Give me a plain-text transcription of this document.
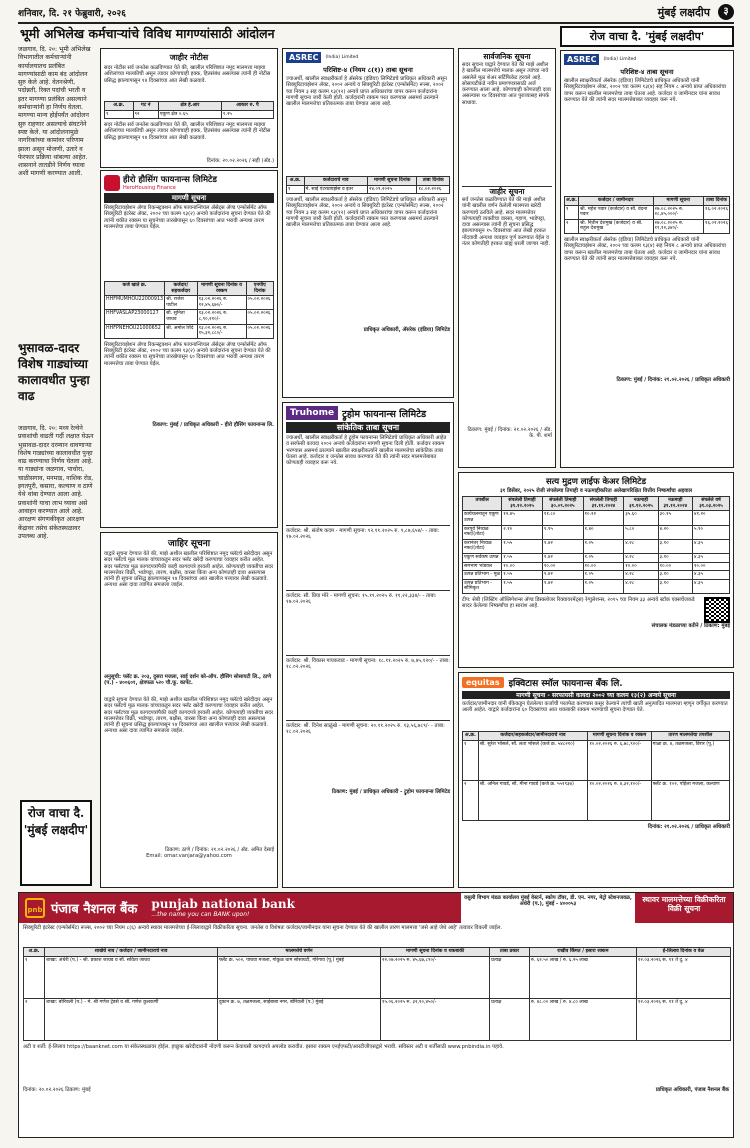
शनिवार, दि. २१ फेब्रुवारी, २०२६	मुंबई लक्षदीप	३
भूमी अभिलेख कर्मचाऱ्यांचे विविध मागण्यांसाठी आंदोलन	रोज वाचा दै. 'मुंबई लक्षदीप'
जळगाव, दि. २०: भूमी अभिलेख विभागातील कर्मचाऱ्यांनी कार्यालयातच प्रलंबित मागण्यांसाठी काम बंद आंदोलन सुरु केले आहे. वेतनश्रेणी, पदोन्नती, रिक्त पदांची भरती व इतर मागण्या प्रलंबित असल्याने कर्मचाऱ्यांनी हा निर्णय घेतला. मागण्या मान्य होईपर्यंत आंदोलन सुरु राहणार असल्याचे संघटनेने स्पष्ट केले. या आंदोलनामुळे नागरिकांच्या कामांवर परिणाम झाला असून मोजणी, उतारे व फेरफार प्रक्रिया थांबल्या आहेत. शासनाने तातडीने निर्णय घ्यावा अशी मागणी करण्यात आली.
भुसावळ-दादर विशेष गाड्यांच्या कालावधीत पुन्हा वाढ
जळगाव, दि. २०: मध्य रेल्वेने प्रवाशांची वाढती गर्दी लक्षात घेऊन भुसावळ-दादर दरम्यान धावणाऱ्या विशेष गाड्यांच्या कालावधीत पुन्हा वाढ करण्याचा निर्णय घेतला आहे. या गाड्यांना जळगाव, पाचोरा, चाळीसगाव, मनमाड, नाशिक रोड, इगतपुरी, कसारा, कल्याण व ठाणे येथे थांबा देण्यात आला आहे. प्रवाशांनी याचा लाभ घ्यावा असे आवाहन करण्यात आले आहे. आरक्षण संगणकीकृत आरक्षण केंद्रावर तसेच संकेतस्थळावर उपलब्ध आहे.
रोज वाचा दै. 'मुंबई लक्षदीप'
जाहीर नोटीस
सदर नोटीस सर्व जनतेस कळविण्यात येते की, खालील परिशिष्टात नमूद मालमत्ता माझ्या अशिलांच्या मालकीची असून त्यावर कोणाचाही हक्क, हितसंबंध असल्यास त्यांनी ही नोटीस प्रसिद्ध झाल्यापासून १४ दिवसांच्या आत लेखी कळवावे.
अ.क्र.	गट नं	क्षेत्र हे.आर	आकार रु. पै
१	९२	एकूण क्षेत्र ०.६५	१.२५
सदर नोटीस सर्व जनतेस कळविण्यात येते की, खालील परिशिष्टात नमूद मालमत्ता माझ्या अशिलांच्या मालकीची असून त्यावर कोणाचाही हक्क, हितसंबंध असल्यास त्यांनी ही नोटीस प्रसिद्ध झाल्यापासून १४ दिवसांच्या आत लेखी कळवावे.
दिनांक: २०.०२.२०२६ / सही (ॲड.)
हीरो हौसिंग फायनान्स लिमिटेड
HeroHousing Finance
मागणी सूचना
सिक्युरिटायझेशन ॲण्ड रिकन्स्ट्रक्शन ऑफ फायनान्शियल ॲसेट्स ॲण्ड एन्फोर्समेंट ऑफ सिक्युरिटी इंटरेस्ट ॲक्ट, २००२ च्या कलम १३(२) अन्वये कर्जदारांना सूचना देण्यात येते की त्यांनी थकीत रक्कम या सूचनेच्या तारखेपासून ६० दिवसांच्या आत भरावी अन्यथा तारण मालमत्तेचा ताबा घेण्यात येईल.
कर्ज खाते क्र.	कर्जदार/सहकर्जदार	मागणी सूचना दिनांक व रक्कम	एनपीए दिनांक
HHFMUMHOU22000913	श्री. राजेश पाटील	१३.०२.२०२६ रु. १२,४५,६७०/-	०५.०२.२०२६
HHFVASLAP23000127	सौ. सुनिता जाधव	१३.०२.२०२६ रु. ८,९०,२१०/-	०५.०२.२०२६
HHFPNEHOU21000652	श्री. अमोल शिंदे	१३.०२.२०२६ रु. १५,३२,८८०/-	०५.०२.२०२६
सिक्युरिटायझेशन ॲण्ड रिकन्स्ट्रक्शन ऑफ फायनान्शियल ॲसेट्स ॲण्ड एन्फोर्समेंट ऑफ सिक्युरिटी इंटरेस्ट ॲक्ट, २००२ च्या कलम १३(२) अन्वये कर्जदारांना सूचना देण्यात येते की त्यांनी थकीत रक्कम या सूचनेच्या तारखेपासून ६० दिवसांच्या आत भरावी अन्यथा तारण मालमत्तेचा ताबा घेण्यात येईल.
ठिकाण: मुंबई / प्राधिकृत अधिकारी - हीरो हौसिंग फायनान्स लि.
जाहिर सूचना
याद्वारे सूचना देण्यात येते की, माझे अशील खालील परिशिष्टात नमूद फ्लॅटचे खरेदीदार असून सदर फ्लॅटचे मूळ मालक यांच्याकडून सदर फ्लॅट खरेदी करण्याचा व्यवहार करीत आहेत. सदर फ्लॅटच्या मूळ कागदपत्रांपैकी काही कागदपत्रे हरवली आहेत. कोणत्याही व्यक्तीचा सदर मालमत्तेवर विक्री, भाडेपट्टा, तारण, बक्षीस, वारसा किंवा अन्य कोणताही दावा असल्यास त्यांनी ही सूचना प्रसिद्ध झाल्यापासून १४ दिवसांच्या आत खालील पत्त्यावर लेखी कळवावे. अन्यथा असा दावा त्यागित समजला जाईल.
अनुसूची: फ्लॅट क्र. २०३, दुसरा मजला, साई दर्शन को-ऑप. हौसिंग सोसायटी लि., ठाणे (प.) - ४००६०१, क्षेत्रफळ ५२० चौ.फू. कार्पेट.
याद्वारे सूचना देण्यात येते की, माझे अशील खालील परिशिष्टात नमूद फ्लॅटचे खरेदीदार असून सदर फ्लॅटचे मूळ मालक यांच्याकडून सदर फ्लॅट खरेदी करण्याचा व्यवहार करीत आहेत. सदर फ्लॅटच्या मूळ कागदपत्रांपैकी काही कागदपत्रे हरवली आहेत. कोणत्याही व्यक्तीचा सदर मालमत्तेवर विक्री, भाडेपट्टा, तारण, बक्षीस, वारसा किंवा अन्य कोणताही दावा असल्यास त्यांनी ही सूचना प्रसिद्ध झाल्यापासून १४ दिवसांच्या आत खालील पत्त्यावर लेखी कळवावे. अन्यथा असा दावा त्यागित समजला जाईल.
ठिकाण: ठाणे / दिनांक: २१.०२.२०२६ / ॲड. अमित देसाई
Email: omar.vanjara@yahoo.com
ASREC	(India) Limited
परिशिष्ट-४ (नियम ८(१)) ताबा सूचना
ज्याअर्थी, खालील स्वाक्षरीकर्ता हे ॲसरेक (इंडिया) लिमिटेडचे प्राधिकृत अधिकारी असून सिक्युरिटायझेशन ॲक्ट, २००२ अन्वये व सिक्युरिटी इंटरेस्ट (एन्फोर्समेंट) रूल्स, २००२ च्या नियम ३ सह कलम १३(१२) अन्वये प्राप्त अधिकारांचा वापर करून कर्जदारांना मागणी सूचना जारी केली होती. कर्जदारांनी रक्कम परत करण्यास असमर्थ ठरल्याने खालील मालमत्तेचा प्रतिकात्मक ताबा घेण्यात आला आहे.
अ.क्र.	कर्जदाराचे नाव	मागणी सूचना दिनांक	ताबा दिनांक
१	मे. साई एंटरप्रायझेस व इतर	२४.०९.२०२५	१८.०२.२०२६
ज्याअर्थी, खालील स्वाक्षरीकर्ता हे ॲसरेक (इंडिया) लिमिटेडचे प्राधिकृत अधिकारी असून सिक्युरिटायझेशन ॲक्ट, २००२ अन्वये व सिक्युरिटी इंटरेस्ट (एन्फोर्समेंट) रूल्स, २००२ च्या नियम ३ सह कलम १३(१२) अन्वये प्राप्त अधिकारांचा वापर करून कर्जदारांना मागणी सूचना जारी केली होती. कर्जदारांनी रक्कम परत करण्यास असमर्थ ठरल्याने खालील मालमत्तेचा प्रतिकात्मक ताबा घेण्यात आला आहे.
प्राधिकृत अधिकारी, ॲसरेक (इंडिया) लिमिटेड
Truhome ट्रुहोम फायनान्स लिमिटेड
सांकेतिक ताबा सूचना
ज्याअर्थी, खालील स्वाक्षरीकर्ता हे ट्रुहोम फायनान्स लिमिटेडचे प्राधिकृत अधिकारी आहेत व सरफेसी कायदा २००२ अन्वये कर्जदारांना मागणी सूचना दिली होती. कर्जदार रक्कम भरण्यास असमर्थ ठरल्याने खालील स्वाक्षरीकर्त्याने खालील मालमत्तेचा सांकेतिक ताबा घेतला आहे. कर्जदार व जनतेस सावध करण्यात येते की त्यांनी सदर मालमत्तेबाबत कोणताही व्यवहार करू नये.
कर्जदार: श्री. संतोष कदम - मागणी सूचना: १२.११.२०२५ रु. ९,८७,६५४/- - ताबा: १७.०२.२०२६
कर्जदार: सौ. प्रिया मोरे - मागणी सूचना: १५.११.२०२५ रु. ११,२२,३३४/- - ताबा: १७.०२.२०२६
कर्जदार: श्री. विकास गायकवाड - मागणी सूचना: १८.११.२०२५ रु. ७,४५,१२०/- - ताबा: १८.०२.२०२६
कर्जदार: श्री. दिनेश साळुंखे - मागणी सूचना: २०.११.२०२५ रु. १३,५६,७८९/- - ताबा: १८.०२.२०२६
ठिकाण: मुंबई / प्राधिकृत अधिकारी - ट्रुहोम फायनान्स लिमिटेड
सार्वजनिक सूचना
सदर सूचना याद्वारे देण्यात येते की माझे अशील हे खालील मालमत्तेचे मालक असून त्यांच्या नावे असलेले मूळ शेअर सर्टिफिकेट हरवले आहे. सोसायटीकडे नवीन प्रमाणपत्रासाठी अर्ज करण्यात आला आहे. कोणाचाही कोणताही दावा असल्यास १४ दिवसांच्या आत पुराव्यासह संपर्क साधावा.
जाहीर सूचना
सर्व जनतेस कळविण्यात येते की माझे अशील यांनी खालील वर्णन केलेली मालमत्ता खरेदी करण्याचे ठरविले आहे. सदर मालमत्तेवर कोणत्याही व्यक्तीचा वारसा, गहाण, भाडेपट्टा, दावा असल्यास त्यांनी ही सूचना प्रसिद्ध झाल्यापासून १५ दिवसांच्या आत लेखी हरकत नोंदवावी अन्यथा व्यवहार पूर्ण करण्यात येईल व नंतर कोणतीही हरकत ग्राह्य धरली जाणार नाही.
ठिकाण: मुंबई / दिनांक: २१.०२.२०२६ / ॲड. के. पी. शर्मा
ASREC	(India) Limited
परिशिष्ट-४ ताबा सूचना
खालील स्वाक्षरीकर्ता ॲसरेक (इंडिया) लिमिटेडचे प्राधिकृत अधिकारी यांनी सिक्युरिटायझेशन ॲक्ट, २००२ च्या कलम १३(४) सह नियम ८ अन्वये प्राप्त अधिकारांचा वापर करून खालील मालमत्तेचा ताबा घेतला आहे. कर्जदार व जामीनदार यांना सावध करण्यात येते की त्यांनी सदर मालमत्तेबाबत व्यवहार करू नये.
अ.क्र.	कर्जदार / जामीनदार	मागणी सूचना	ताबा दिनांक
१	श्री. महेश पवार (कर्जदार) व सौ. वंदना पवार	२७.०८.२०२५ रु. २८,४५,०००/-	१६.०२.२०२६
२	श्री. नितीन देशमुख (कर्जदार) व श्री. राहुल देशमुख	२७.०८.२०२५ रु. १९,१२,३४०/-	१६.०२.२०२६
खालील स्वाक्षरीकर्ता ॲसरेक (इंडिया) लिमिटेडचे प्राधिकृत अधिकारी यांनी सिक्युरिटायझेशन ॲक्ट, २००२ च्या कलम १३(४) सह नियम ८ अन्वये प्राप्त अधिकारांचा वापर करून खालील मालमत्तेचा ताबा घेतला आहे. कर्जदार व जामीनदार यांना सावध करण्यात येते की त्यांनी सदर मालमत्तेबाबत व्यवहार करू नये.
ठिकाण: मुंबई / दिनांक: २१.०२.२०२६ / प्राधिकृत अधिकारी
सत्य मुद्रण लाईफ केअर लिमिटेड
३१ डिसेंबर, २०२५ रोजी संपलेल्या तिमाही व नऊमाहीकरिता अलेखापरिक्षित वित्तीय निष्कर्षांचा अहवाल
तपशील	संपलेली तिमाही ३१.१२.२०२५	संपलेली तिमाही ३०.०९.२०२५	संपलेली तिमाही ३१.१२.२०२४	नऊमाही ३१.१२.२०२५	नऊमाही ३१.१२.२०२४	संपलेले वर्ष ३१.०३.२०२५
कार्यचलनातून एकूण उत्पन्न	१२.४५	११.८०	१०.२२	३५.६०	३०.१५	४१.२०
करपूर्व निव्वळ नफा/(तोटा)	२.१०	१.९५	१.४०	५.८०	४.२०	५.९०
करानंतर निव्वळ नफा/(तोटा)	१.५५	१.४२	१.०५	४.२८	३.१०	४.३५
एकूण सर्वंकष उत्पन्न	१.५५	१.४२	१.०५	४.२८	३.१०	४.३५
समभाग भांडवल	१०.००	१०.००	१०.००	१०.००	१०.००	१०.००
उत्पन्न प्रतिभाग - मूळ	१.५५	१.४२	१.०५	४.२८	३.१०	४.३५
उत्पन्न प्रतिभाग - सौमिकृत	१.५५	१.४२	१.०५	४.२८	३.१०	४.३५
टीप: सेबी (लिस्टिंग ऑब्लिगेशन्स ॲण्ड डिस्क्लोजर रिक्वायरमेंट्स) रेग्युलेशन्स, २०१५ च्या नियम ३३ अन्वये स्टॉक एक्सचेंजकडे सादर केलेल्या निष्कर्षांचा हा सारांश आहे.
संचालक मंडळाच्या वतीने / ठिकाण: मुंबई
equitas	इक्विटास स्मॉल फायनान्स बँक लि.
मागणी सूचना - सरफायसी कायदा २००२ च्या कलम १३(२) अन्वये सूचना
कर्जदार/जामीनदार यांनी बँकेकडून घेतलेल्या कर्जाची परतफेड करण्यास कसूर केल्याने त्यांची खाती अनुत्पादित मालमत्ता म्हणून वर्गीकृत करण्यात आली आहेत. याद्वारे कर्जदारांना ६० दिवसांच्या आत थकबाकी रक्कम भरण्याची सूचना देण्यात येते.
अ.क्र.	कर्जदार/सहकर्जदार/जामीनदाराचे नाव	मागणी सूचना दिनांक व रक्कम	तारण मालमत्तेचा तपशील
१	श्री. सुरेश भोसले, सौ. लता भोसले (कर्ज क्र. ५४८२१०)	१०.०२.२०२६ रु. ६,७८,९००/-	गाळा क्र. ४, तळमजला, विरार (पू.)
२	श्री. अनिल गावडे, सौ. मीना गावडे (कर्ज क्र. ५५१९३७)	१०.०२.२०२६ रु. ४,३२,१००/-	फ्लॅट क्र. १०२, पहिला मजला, कल्याण
दिनांक: २१.०२.२०२६ / प्राधिकृत अधिकारी
pnb पंजाब नैशनल बैंक punjab national bank
...the name you can BANK upon!
वसुली विभाग मंडळ कार्यालय मुंबई वेस्टर्न, स्कोप टॉवर, डी. एन. नगर, मेट्रो स्टेशनजवळ, अंधेरी (प.), मुंबई - ४०००५३
स्थावर मालमत्तेच्या विक्रीकरिता विक्री सूचना
सिक्युरिटी इंटरेस्ट (एन्फोर्समेंट) रूल्स, २००२ च्या नियम ८(६) अन्वये स्थावर मालमत्तेच्या ई-लिलावाद्वारे विक्रीकरिता सूचना. जनतेस व विशेषतः कर्जदार/जामीनदार यांना सूचना देण्यात येते की खालील तारण मालमत्ता 'जसे आहे जेथे आहे' तत्वावर विकली जाईल.
अ.क्र.	शाखेचे नाव / कर्जदार / जामीनदाराचे नाव	मालमत्तेचे वर्णन	मागणी सूचना दिनांक व थकबाकी	ताबा प्रकार	राखीव किंमत / इसारा रक्कम	ई-लिलाव दिनांक व वेळ
१	शाखा: अंधेरी (प.) - श्री. प्रकाश जाधव व सौ. सविता जाधव	फ्लॅट क्र. ५०२, पाचवा मजला, गोकुळ धाम सोसायटी, गोरेगाव (पू.) मुंबई	२२.०७.२०२५ रु. ४५,६७,८९०/-	प्रत्यक्ष	रु. ६२.५० लाख / रु. ६.२५ लाख	१२.०३.२०२६ स. ११ ते दु. ४
२	शाखा: बोरिवली (प.) - मे. श्री गणेश ट्रेडर्स व श्री. गणेश कुलकर्णी	दुकान क्र. ७, तळमजला, साईबाबा नगर, बोरिवली (प.) मुंबई	१५.०६.२०२५ रु. ३२,१०,४५०/-	प्रत्यक्ष	रु. ४८.०० लाख / रु. ४.८० लाख	१२.०३.२०२६ स. ११ ते दु. ४
अटी व शर्ती: ई-लिलाव https://baanknet.com या संकेतस्थळावर होईल. इच्छुक खरेदीदारांनी नोंदणी करून केवायसी कागदपत्रे अपलोड करावीत. इसारा रक्कम एनईएफटी/आरटीजीएसद्वारे भरावी. सविस्तर अटी व शर्तींसाठी www.pnbindia.in पहावे.
दिनांक: २०.०२.२०२६ ठिकाण: मुंबई	प्राधिकृत अधिकारी, पंजाब नैशनल बैंक
